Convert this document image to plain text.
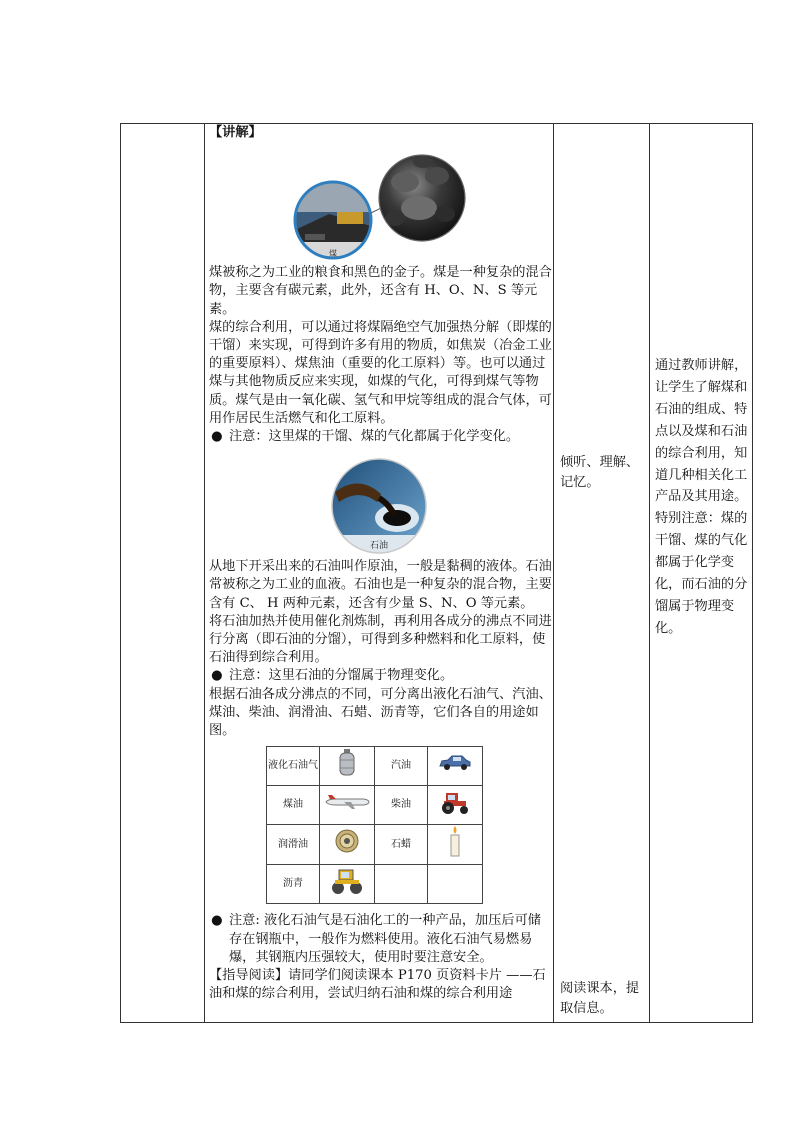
【讲解】

煤

煤被称之为工业的粮食和黑色的金子。煤是一种复杂的混合物，主要含有碳元素，此外，还含有 H、O、N、S 等元素。

煤的综合利用，可以通过将煤隔绝空气加强热分解（即煤的干馏）来实现，可得到许多有用的物质，如焦炭（冶金工业的重要原料）、煤焦油（重要的化工原料）等。也可以通过煤与其他物质反应来实现，如煤的气化，可得到煤气等物质。煤气是由一氧化碳、氢气和甲烷等组成的混合气体，可用作居民生活燃气和化工原料。

● 注意：这里煤的干馏、煤的气化都属于化学变化。

石油

从地下开采出来的石油叫作原油，一般是黏稠的液体。石油常被称之为工业的血液。石油也是一种复杂的混合物，主要含有 C、 H 两种元素，还含有少量 S、N、O 等元素。

将石油加热并使用催化剂炼制，再利用各成分的沸点不同进行分离（即石油的分馏），可得到多种燃料和化工原料，使石油得到综合利用。

● 注意：这里石油的分馏属于物理变化。

根据石油各成分沸点的不同，可分离出液化石油气、汽油、煤油、柴油、润滑油、石蜡、沥青等，它们各自的用途如图。

液化石油气		汽油	
煤油		柴油	
润滑油		石蜡	
沥青			

● 注意: 液化石油气是石油化工的一种产品，加压后可储存在钢瓶中，一般作为燃料使用。液化石油气易燃易爆，其钢瓶内压强较大，使用时要注意安全。

【指导阅读】请同学们阅读课本 P170 页资料卡片 ——石油和煤的综合利用，尝试归纳石油和煤的综合利用途

倾听、理解、记忆。
阅读课本，提取信息。
通过教师讲解，让学生了解煤和石油的组成、特点以及煤和石油的综合利用，知道几种相关化工产品及其用途。特别注意：煤的干馏、煤的气化都属于化学变化，而石油的分馏属于物理变化。
